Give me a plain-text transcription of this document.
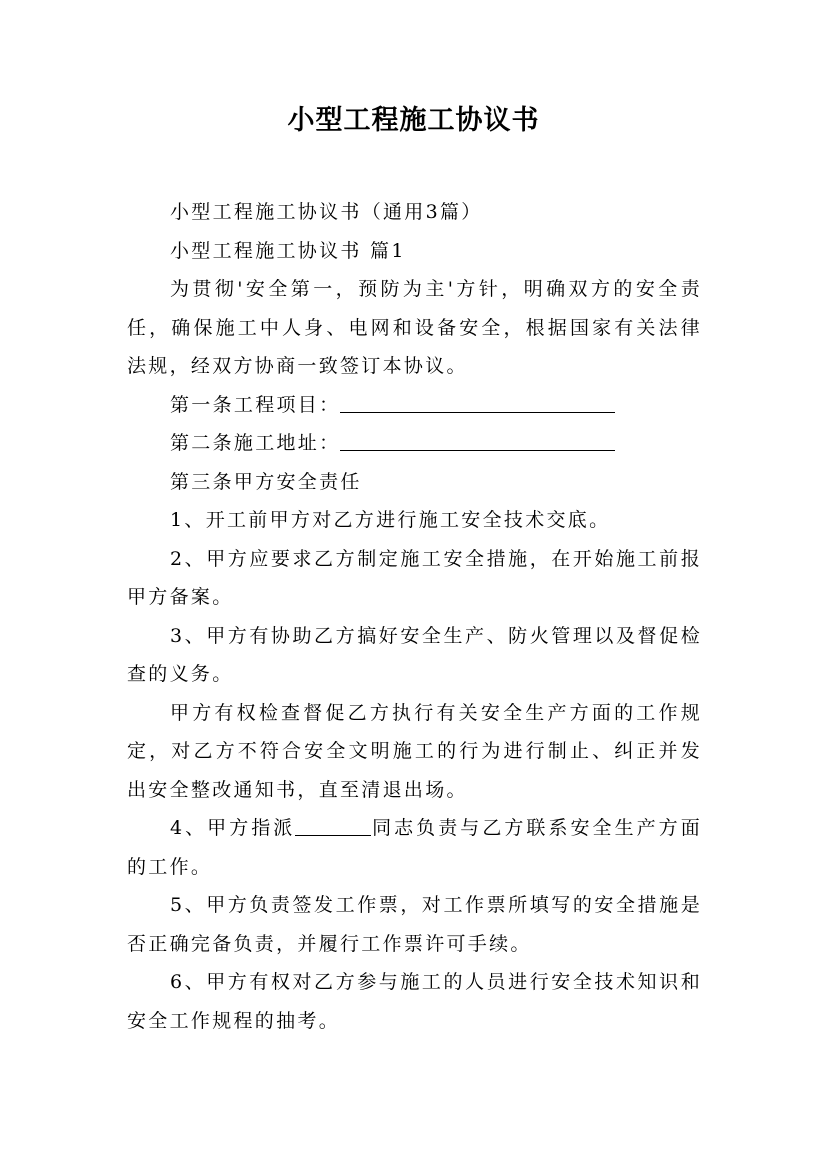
小型工程施工协议书

小型工程施工协议书（通用3篇）

小型工程施工协议书 篇1

为贯彻'安全第一，预防为主'方针，明确双方的安全责任，确保施工中人身、电网和设备安全，根据国家有关法律法规，经双方协商一致签订本协议。

第一条工程项目：

第二条施工地址：

第三条甲方安全责任

1、开工前甲方对乙方进行施工安全技术交底。

2、甲方应要求乙方制定施工安全措施，在开始施工前报甲方备案。

3、甲方有协助乙方搞好安全生产、防火管理以及督促检查的义务。

甲方有权检查督促乙方执行有关安全生产方面的工作规定，对乙方不符合安全文明施工的行为进行制止、纠正并发出安全整改通知书，直至清退出场。

4、甲方指派	同志负责与乙方联系安全生产方面的工作。

5、甲方负责签发工作票，对工作票所填写的安全措施是否正确完备负责，并履行工作票许可手续。

6、甲方有权对乙方参与施工的人员进行安全技术知识和安全工作规程的抽考。
